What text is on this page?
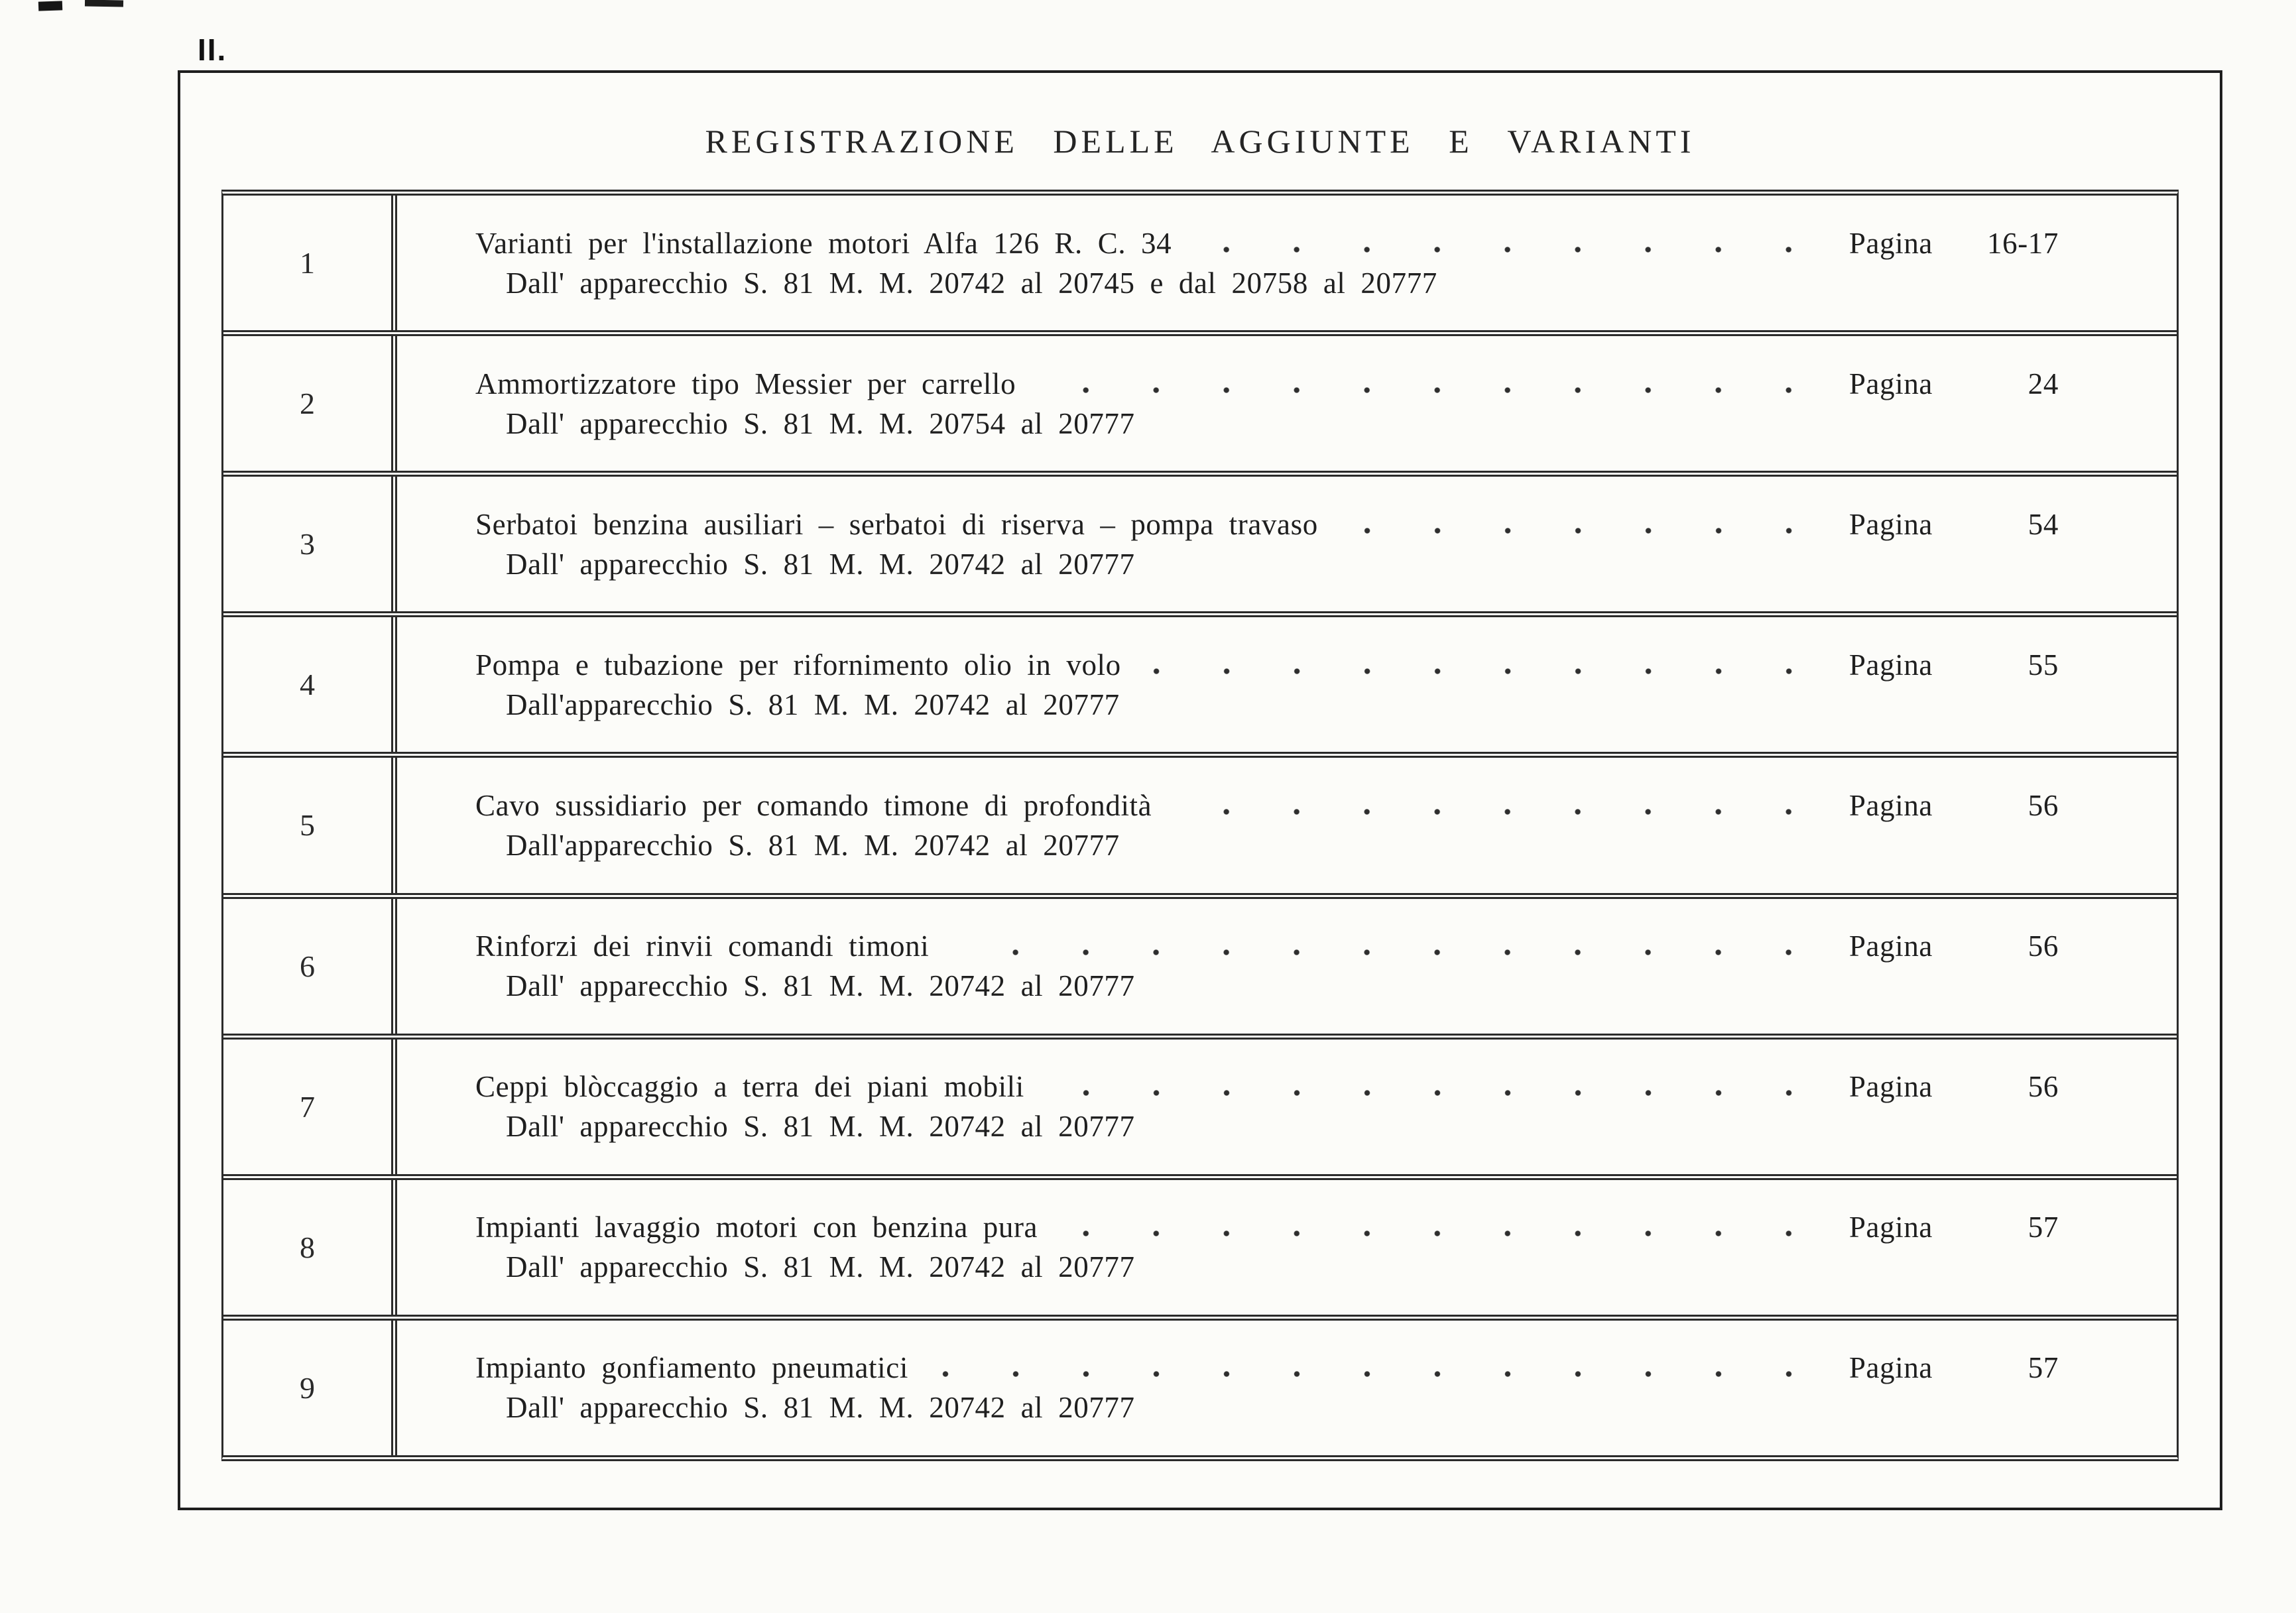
II.
REGISTRAZIONE DELLE AGGIUNTE E VARIANTI
1
Varianti per l'installazione motori Alfa 126 R. C. 34	Pagina	16-17
Dall' apparecchio S. 81 M. M. 20742 al 20745 e dal 20758 al 20777
2
Ammortizzatore tipo Messier per carrello	Pagina	24
Dall' apparecchio S. 81 M. M. 20754 al 20777
3
Serbatoi benzina ausiliari – serbatoi di riserva – pompa travaso	Pagina	54
Dall' apparecchio S. 81 M. M. 20742 al 20777
4
Pompa e tubazione per rifornimento olio in volo	Pagina	55
Dall'apparecchio S. 81 M. M. 20742 al 20777
5
Cavo sussidiario per comando timone di profondità	Pagina	56
Dall'apparecchio S. 81 M. M. 20742 al 20777
6
Rinforzi dei rinvii comandi timoni	Pagina	56
Dall' apparecchio S. 81 M. M. 20742 al 20777
7
Ceppi blòccaggio a terra dei piani mobili	Pagina	56
Dall' apparecchio S. 81 M. M. 20742 al 20777
8
Impianti lavaggio motori con benzina pura	Pagina	57
Dall' apparecchio S. 81 M. M. 20742 al 20777
9
Impianto gonfiamento pneumatici	Pagina	57
Dall' apparecchio S. 81 M. M. 20742 al 20777
